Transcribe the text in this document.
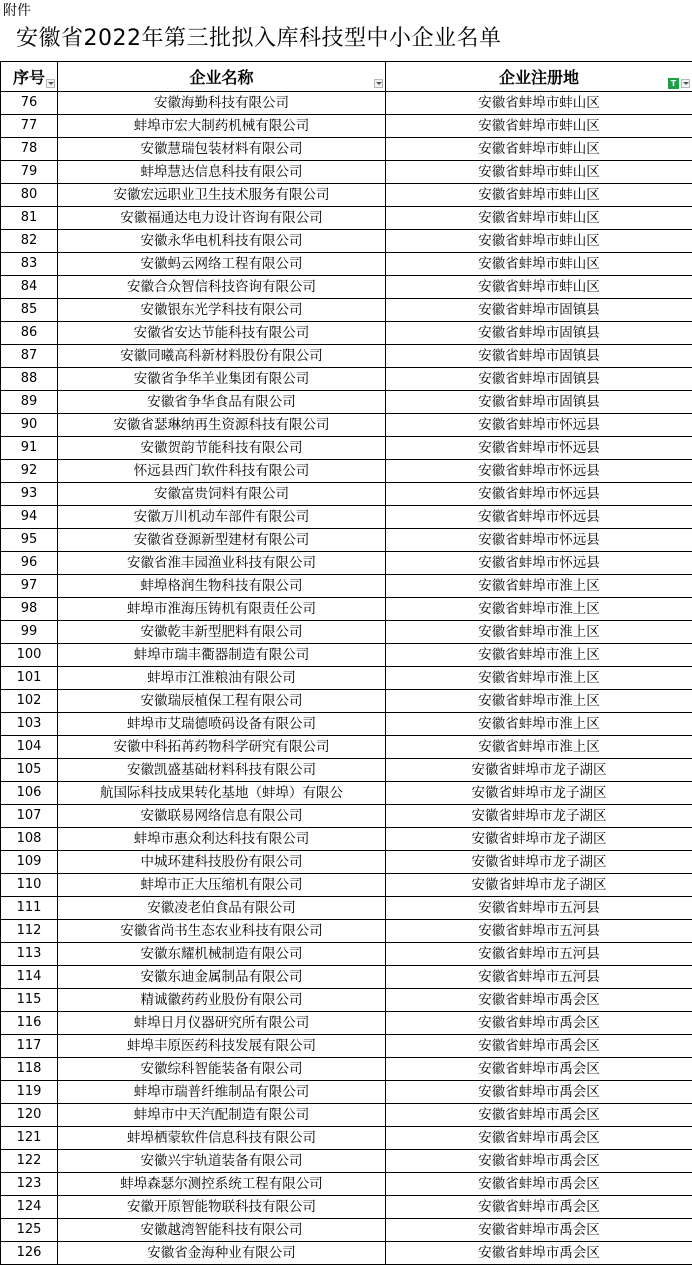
附件
安徽省2022年第三批拟入库科技型中小企业名单
序号	企业名称	企业注册地 T

76	安徽海勤科技有限公司	安徽省蚌埠市蚌山区
77	蚌埠市宏大制药机械有限公司	安徽省蚌埠市蚌山区
78	安徽慧瑞包装材料有限公司	安徽省蚌埠市蚌山区
79	蚌埠慧达信息科技有限公司	安徽省蚌埠市蚌山区
80	安徽宏远职业卫生技术服务有限公司	安徽省蚌埠市蚌山区
81	安徽福通达电力设计咨询有限公司	安徽省蚌埠市蚌山区
82	安徽永华电机科技有限公司	安徽省蚌埠市蚌山区
83	安徽蚂云网络工程有限公司	安徽省蚌埠市蚌山区
84	安徽合众智信科技咨询有限公司	安徽省蚌埠市蚌山区
85	安徽银东光学科技有限公司	安徽省蚌埠市固镇县
86	安徽省安达节能科技有限公司	安徽省蚌埠市固镇县
87	安徽同曦高科新材料股份有限公司	安徽省蚌埠市固镇县
88	安徽省争华羊业集团有限公司	安徽省蚌埠市固镇县
89	安徽省争华食品有限公司	安徽省蚌埠市固镇县
90	安徽省瑟琳纳再生资源科技有限公司	安徽省蚌埠市怀远县
91	安徽贺韵节能科技有限公司	安徽省蚌埠市怀远县
92	怀远县西门软件科技有限公司	安徽省蚌埠市怀远县
93	安徽富贵饲料有限公司	安徽省蚌埠市怀远县
94	安徽万川机动车部件有限公司	安徽省蚌埠市怀远县
95	安徽省登源新型建材有限公司	安徽省蚌埠市怀远县
96	安徽省淮丰园渔业科技有限公司	安徽省蚌埠市怀远县
97	蚌埠格润生物科技有限公司	安徽省蚌埠市淮上区
98	蚌埠市淮海压铸机有限责任公司	安徽省蚌埠市淮上区
99	安徽乾丰新型肥料有限公司	安徽省蚌埠市淮上区
100	蚌埠市瑞丰衢器制造有限公司	安徽省蚌埠市淮上区
101	蚌埠市江淮粮油有限公司	安徽省蚌埠市淮上区
102	安徽瑞辰植保工程有限公司	安徽省蚌埠市淮上区
103	蚌埠市艾瑞德喷码设备有限公司	安徽省蚌埠市淮上区
104	安徽中科拓苒药物科学研究有限公司	安徽省蚌埠市淮上区
105	安徽凯盛基础材料科技有限公司	安徽省蚌埠市龙子湖区
106	航国际科技成果转化基地（蚌埠）有限公	安徽省蚌埠市龙子湖区
107	安徽联易网络信息有限公司	安徽省蚌埠市龙子湖区
108	蚌埠市惠众利达科技有限公司	安徽省蚌埠市龙子湖区
109	中城环建科技股份有限公司	安徽省蚌埠市龙子湖区
110	蚌埠市正大压缩机有限公司	安徽省蚌埠市龙子湖区
111	安徽凌老伯食品有限公司	安徽省蚌埠市五河县
112	安徽省尚书生态农业科技有限公司	安徽省蚌埠市五河县
113	安徽东耀机械制造有限公司	安徽省蚌埠市五河县
114	安徽东迪金属制品有限公司	安徽省蚌埠市五河县
115	精诚徽药药业股份有限公司	安徽省蚌埠市禹会区
116	蚌埠日月仪器研究所有限公司	安徽省蚌埠市禹会区
117	蚌埠丰原医药科技发展有限公司	安徽省蚌埠市禹会区
118	安徽综科智能装备有限公司	安徽省蚌埠市禹会区
119	蚌埠市瑞普纤维制品有限公司	安徽省蚌埠市禹会区
120	蚌埠市中天汽配制造有限公司	安徽省蚌埠市禹会区
121	蚌埠栖蒙软件信息科技有限公司	安徽省蚌埠市禹会区
122	安徽兴宇轨道装备有限公司	安徽省蚌埠市禹会区
123	蚌埠森瑟尔测控系统工程有限公司	安徽省蚌埠市禹会区
124	安徽开原智能物联科技有限公司	安徽省蚌埠市禹会区
125	安徽越湾智能科技有限公司	安徽省蚌埠市禹会区
126	安徽省金海种业有限公司	安徽省蚌埠市禹会区
